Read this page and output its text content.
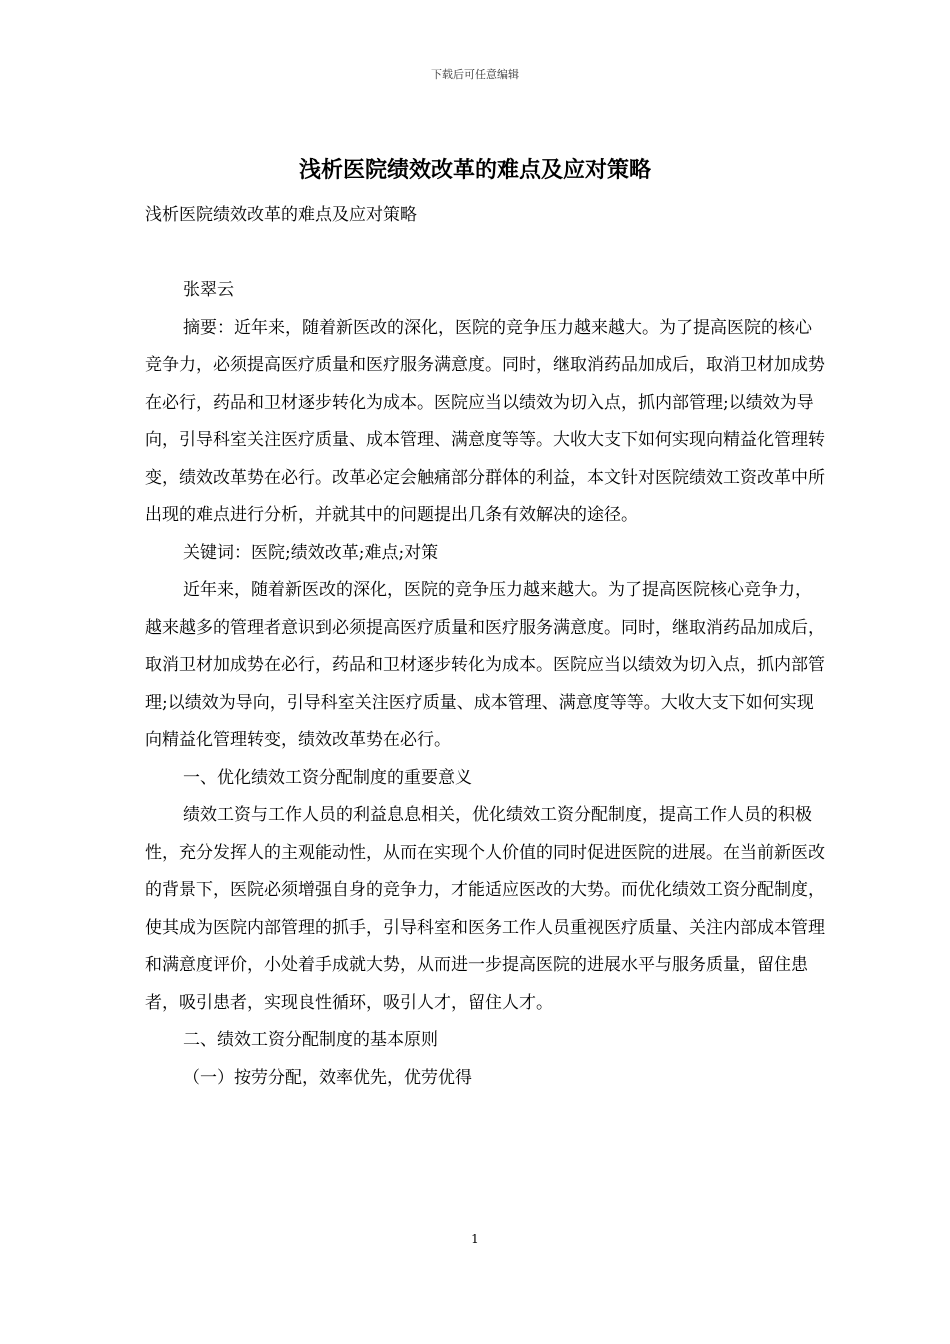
下载后可任意编辑
浅析医院绩效改革的难点及应对策略

浅析医院绩效改革的难点及应对策略

张翠云

摘要：近年来，随着新医改的深化，医院的竞争压力越来越大。为了提高医院的核心竞争力，必须提高医疗质量和医疗服务满意度。同时，继取消药品加成后，取消卫材加成势在必行，药品和卫材逐步转化为成本。医院应当以绩效为切入点，抓内部管理;以绩效为导向，引导科室关注医疗质量、成本管理、满意度等等。大收大支下如何实现向精益化管理转变，绩效改革势在必行。改革必定会触痛部分群体的利益，本文针对医院绩效工资改革中所出现的难点进行分析，并就其中的问题提出几条有效解决的途径。

关键词：医院;绩效改革;难点;对策

近年来，随着新医改的深化，医院的竞争压力越来越大。为了提高医院核心竞争力，越来越多的管理者意识到必须提高医疗质量和医疗服务满意度。同时，继取消药品加成后，取消卫材加成势在必行，药品和卫材逐步转化为成本。医院应当以绩效为切入点，抓内部管理;以绩效为导向，引导科室关注医疗质量、成本管理、满意度等等。大收大支下如何实现向精益化管理转变，绩效改革势在必行。

一、优化绩效工资分配制度的重要意义

绩效工资与工作人员的利益息息相关，优化绩效工资分配制度，提高工作人员的积极性，充分发挥人的主观能动性，从而在实现个人价值的同时促进医院的进展。在当前新医改的背景下，医院必须增强自身的竞争力，才能适应医改的大势。而优化绩效工资分配制度，使其成为医院内部管理的抓手，引导科室和医务工作人员重视医疗质量、关注内部成本管理和满意度评价，小处着手成就大势，从而进一步提高医院的进展水平与服务质量，留住患者，吸引患者，实现良性循环，吸引人才，留住人才。

二、绩效工资分配制度的基本原则

（一）按劳分配，效率优先，优劳优得

1
